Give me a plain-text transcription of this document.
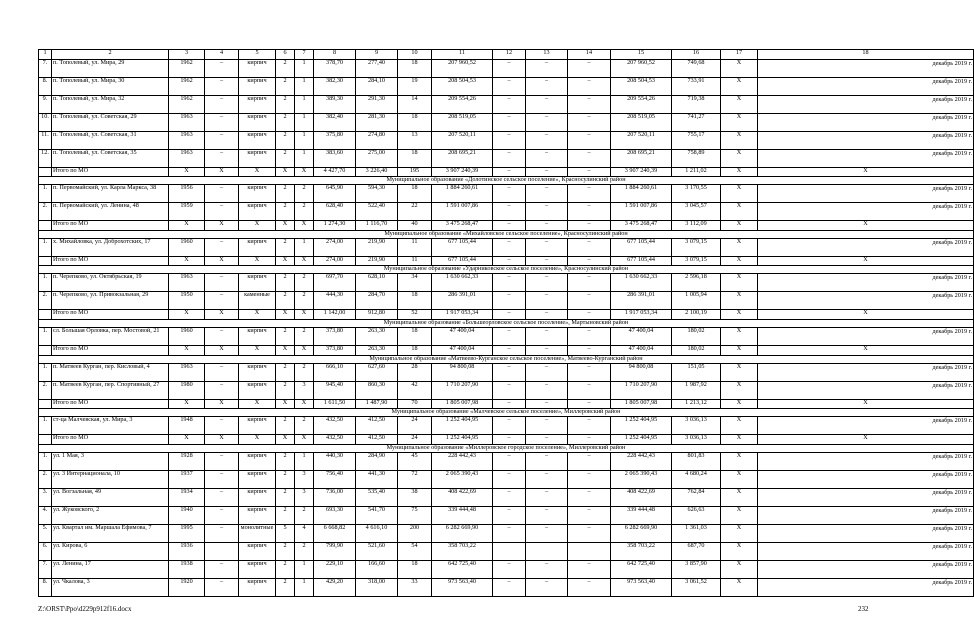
1	2	3	4	5	6	7	8	9	10	11	12	13	14	15	16	17	18
7.	п. Тополевый, ул. Мира, 29	1962	–	кирпич	2	1	378,70	277,40	18	207 960,52	–	–	–	207 960,52	749,68	Х	декабрь 2019 г.
8.	п. Тополевый, ул. Мира, 30	1962	–	кирпич	2	1	382,30	284,10	19	208 504,53	–	–	–	208 504,53	733,91	Х	декабрь 2019 г.
9.	п. Тополевый, ул. Мира, 32	1962	–	кирпич	2	1	389,30	291,30	14	209 554,26	–	–	–	209 554,26	719,38	Х	декабрь 2019 г.
10.	п. Тополевый, ул. Советская, 29	1963	–	кирпич	2	1	382,40	281,30	18	208 519,05	–	–	–	208 519,05	741,27	Х	декабрь 2019 г.
11.	п. Тополевый, ул. Советская, 31	1963	–	кирпич	2	1	375,80	274,80	13	207 520,11	–	–	–	207 520,11	755,17	Х	декабрь 2019 г.
12.	п. Тополевый, ул. Советская, 35	1963	–	кирпич	2	1	383,60	275,00	18	208 695,21	–	–	–	208 695,21	758,89	Х	декабрь 2019 г.
	Итого по МО	Х	Х	Х	Х	Х	4 427,70	3 226,40	195	3 907 240,39	–	–	–	3 907 240,39	1 211,02	Х	Х
Муниципальное образование «Долотинское сельское поселение», Красносулинский район																	
1.	п. Первомайский, ул. Карла Маркса, 38	1956	–	кирпич	2	2	645,90	594,30	18	1 884 260,61	–	–	–	1 884 260,61	3 170,55	Х	декабрь 2019 г.
2.	п. Первомайский, ул. Ленина, 48	1959	–	кирпич	2	2	628,40	522,40	22	1 591 007,86	–	–	–	1 591 007,86	3 045,57	Х	декабрь 2019 г.
	Итого по МО	Х	Х	Х	Х	Х	1 274,30	1 116,70	40	3 475 268,47	–	–	–	3 475 268,47	3 112,09	Х	Х
Муниципальное образование «Михайловское сельское поселение», Красносулинский район																	
1.	х. Михайловка, ул. Доброхотских, 17	1960	–	кирпич	2	1	274,00	219,90	11	677 105,44	–	–	–	677 105,44	3 079,15	Х	декабрь 2019 г.
	Итого по МО	Х	Х	Х	Х	Х	274,00	219,90	11	677 105,44	–	–	–	677 105,44	3 079,15	Х	Х
Муниципальное образование «Ударниковское сельское поселение», Красносулинский район																	
1.	п. Черепково, ул. Октябрьская, 19	1963	–	кирпич	2	2	697,70	628,10	34	1 630 662,33	–	–	–	1 630 662,33	2 596,18	Х	декабрь 2019 г.
2.	п. Черепково, ул. Привокзальная, 29	1950	–	каменные	2	2	444,30	284,70	18	286 391,01	–	–	–	286 391,01	1 005,94	Х	декабрь 2019 г.
	Итого по МО	Х	Х	Х	Х	Х	1 142,00	912,80	52	1 917 053,34	–	–	–	1 917 053,34	2 100,19	Х	Х
Муниципальное образование «Большеорловское сельское поселение», Мартыновский район																	
1.	сл. Большая Орловка, пер. Мостовой, 21	1960	–	кирпич	2	2	373,80	263,30	18	47 400,04	–	–	–	47 400,04	180,02	Х	декабрь 2019 г.
	Итого по МО	Х	Х	Х	Х	Х	373,80	263,30	18	47 400,04	–	–	–	47 400,04	180,02	Х	Х
Муниципальное образование «Матвеево-Курганское сельское поселение», Матвеево-Курганский район																	
1.	п. Матвеев Курган, пер. Кисловый, 4	1963	–	кирпич	2	2	666,10	627,60	28	94 800,08	–	–	–	94 800,08	151,05	Х	декабрь 2019 г.
2.	п. Матвеев Курган, пер. Спортивный, 27	1980	–	кирпич	2	3	945,40	860,30	42	1 710 207,90	–	–	–	1 710 207,90	1 987,92	Х	декабрь 2019 г.
	Итого по МО	Х	Х	Х	Х	Х	1 611,50	1 487,90	70	1 805 007,98	–	–	–	1 805 007,98	1 213,12	Х	Х
Муниципальное образование «Малчевское сельское поселение», Миллеровский район																	
1.	ст-ца Малчевская, ул. Мира, 3	1948	–	кирпич	2	2	432,50	412,50	24	1 252 404,95	–	–	–	1 252 404,95	3 036,13	Х	декабрь 2019 г.
	Итого по МО	Х	Х	Х	Х	Х	432,50	412,50	24	1 252 404,95	–	–	–	1 252 404,95	3 036,13	Х	Х
Муниципальное образование «Миллеровское городское поселение», Миллеровский район																	
1.	ул. 1 Мая, 3	1928	–	кирпич	2	1	440,30	284,90	45	228 442,43	–	–	–	228 442,43	801,83	Х	декабрь 2019 г.
2.	ул. 3 Интернационала, 10	1937	–	кирпич	2	3	756,40	441,30	72	2 065 390,43	–	–	–	2 065 390,43	4 680,24	Х	декабрь 2019 г.
3.	ул. Вогзальная, 49	1934	–	кирпич	2	3	736,00	535,40	38	408 422,69	–	–	–	408 422,69	762,84	Х	декабрь 2019 г.
4.	ул. Жуковского, 2	1940	–	кирпич	2	2	693,30	541,70	75	339 444,48	–	–	–	339 444,48	626,63	Х	декабрь 2019 г.
5.	ул. Квартал им. Маршала Ефимова, 7	1995	–	монолитные	5	4	6 668,82	4 616,10	200	6 282 669,90	–	–	–	6 282 669,90	1 361,03	Х	декабрь 2019 г.
6.	ул. Кирова, 6	1936		кирпич	2	2	799,90	521,60	54	358 703,22				358 703,22	687,70	Х	декабрь 2019 г.
7.	ул. Ленина, 17	1938	–	кирпич	2	1	229,10	166,60	18	642 725,40	–	–	–	642 725,40	3 857,90	Х	декабрь 2019 г.
8.	ул. Чкалова, 3	1920	–	кирпич	2	1	429,20	318,00	33	973 563,40	–	–	–	973 563,40	3 061,52	Х	декабрь 2019 г.
Z:\ORST\Ppo\d229p912f16.docx	232
